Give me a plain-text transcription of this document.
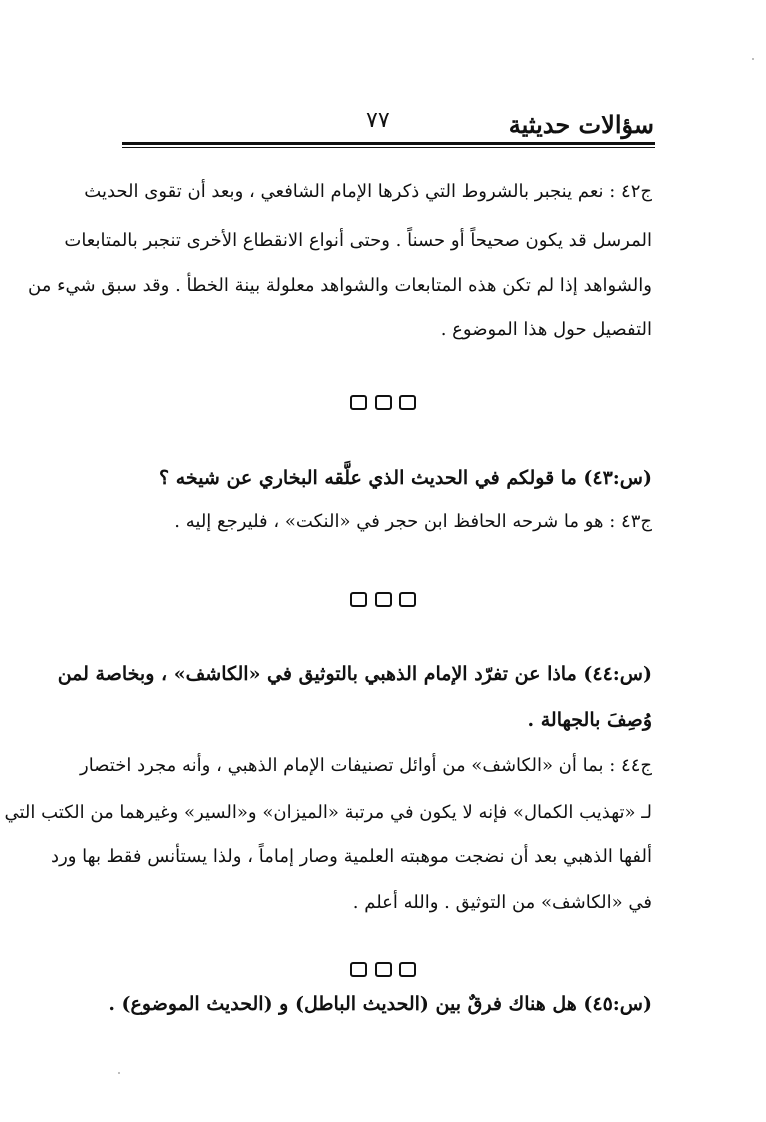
سؤالات حديثية
٧٧
ج٤٢ : نعم ينجبر بالشروط التي ذكرها الإمام الشافعي ، وبعد أن تقوى الحديث
المرسل قد يكون صحيحاً أو حسناً . وحتى أنواع الانقطاع الأخرى تنجبر بالمتابعات
والشواهد إذا لم تكن هذه المتابعات والشواهد معلولة بينة الخطأ . وقد سبق شيء من
التفصيل حول هذا الموضوع .
(س:٤٣) ما قولكم في الحديث الذي علَّقه البخاري عن شيخه ؟
ج٤٣ : هو ما شرحه الحافظ ابن حجر في «النكت» ، فليرجع إليه .
(س:٤٤) ماذا عن تفرّد الإمام الذهبي بالتوثيق في «الكاشف» ، وبخاصة لمن
وُصِفَ بالجهالة .
ج٤٤ : بما أن «الكاشف» من أوائل تصنيفات الإمام الذهبي ، وأنه مجرد اختصار
لـ «تهذيب الكمال» فإنه لا يكون في مرتبة «الميزان» و«السير» وغيرهما من الكتب التي
ألفها الذهبي بعد أن نضجت موهبته العلمية وصار إماماً ، ولذا يستأنس فقط بها ورد
في «الكاشف» من التوثيق . والله أعلم .
(س:٤٥) هل هناك فرقٌ بين (الحديث الباطل) و (الحديث الموضوع) .
